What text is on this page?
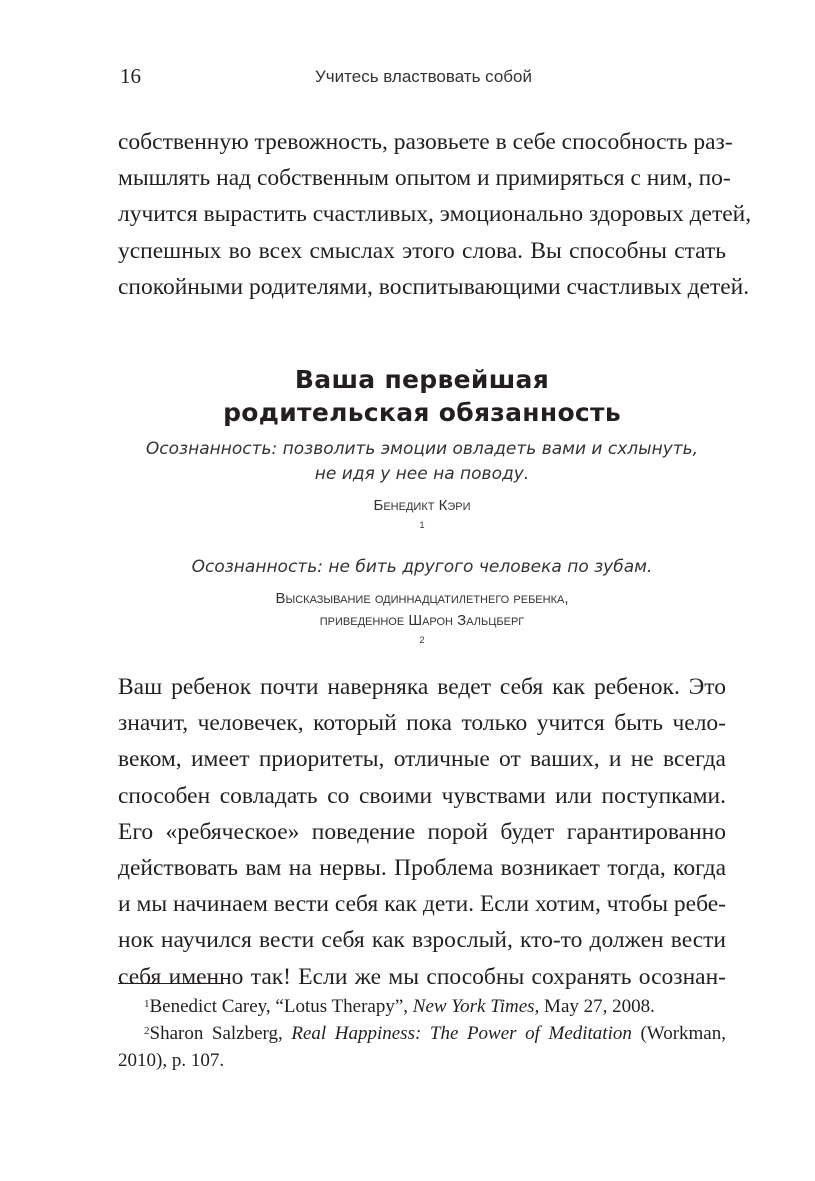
16	Учитесь властвовать собой
собственную тревожность, разовьете в себе способность раз-
мышлять над собственным опытом и примиряться с ним, по-
лучится вырастить счастливых, эмоционально здоровых детей,
успешных во всех смыслах этого слова. Вы способны стать
спокойными родителями, воспитывающими счастливых детей.
Ваша первейшая
родительская обязанность
Осознанность: позволить эмоции овладеть вами и схлынуть,
не идя у нее на поводу.
Бенедикт Кэри
$^1$
Осознанность: не бить другого человека по зубам.
Высказывание одиннадцатилетнего ребенка,
приведенное Шарон Зальцберг
$^2$
Ваш ребенок почти наверняка ведет себя как ребенок. Это
значит, человечек, который пока только учится быть чело-
веком, имеет приоритеты, отличные от ваших, и не всегда
способен совладать со своими чувствами или поступками.
Его «ребяческое» поведение порой будет гарантированно
действовать вам на нервы. Проблема возникает тогда, когда
и мы начинаем вести себя как дети. Если хотим, чтобы ребе-
нок научился вести себя как взрослый, кто-то должен вести
себя именно так! Если же мы способны сохранять осознан-

$^1$Benedict Carey, “Lotus Therapy”, New York Times, May 27, 2008.

$^2$Sharon Salzberg, Real Happiness: The Power of Meditation (Workman, 2010), p. 107.
